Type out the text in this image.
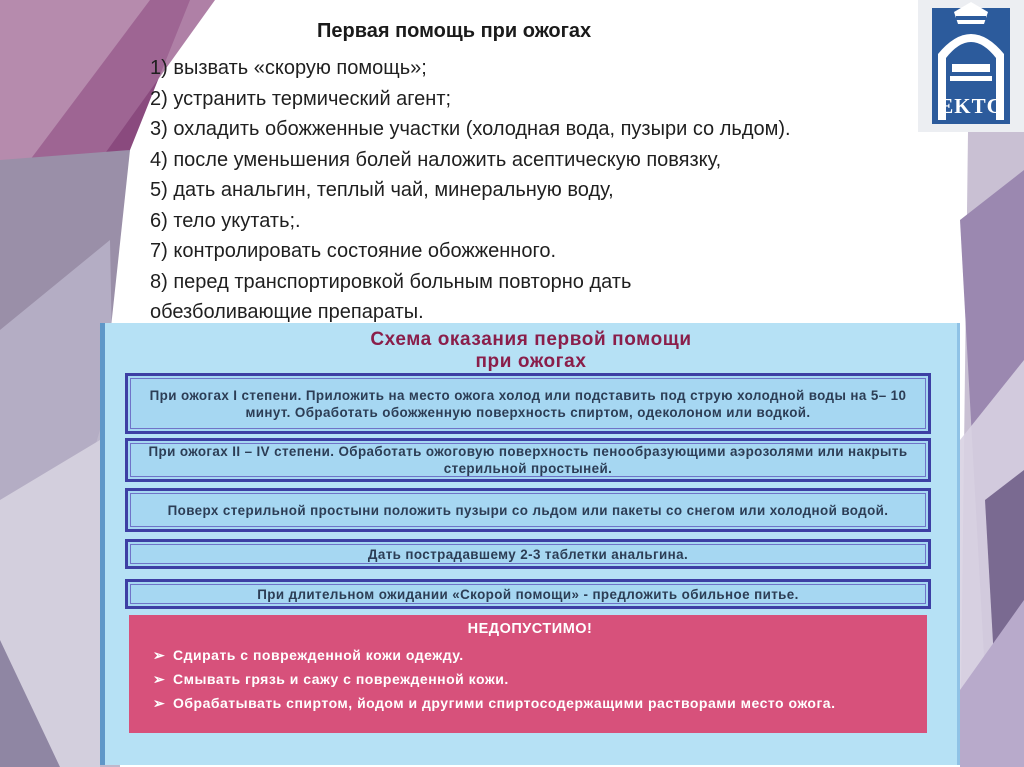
EKTC
Первая помощь при ожогах
1) вызвать «скорую помощь»;
2) устранить термический агент;
3) охладить обожженные участки (холодная вода, пузыри со льдом).
4) после уменьшения болей наложить асептическую повязку,
5) дать анальгин, теплый чай, минеральную воду,
6) тело укутать;.
7) контролировать состояние обожженного.
8) перед транспортировкой больным повторно дать
обезболивающие препараты.
Схема оказания первой помощи
при ожогах
При ожогах I степени. Приложить на место ожога холод или подставить под струю холодной воды на 5– 10 минут. Обработать обожженную поверхность спиртом, одеколоном или водкой.
При ожогах II – IV степени. Обработать ожоговую поверхность пенообразующими аэрозолями или накрыть стерильной простыней.
Поверх стерильной простыни положить пузыри со льдом или пакеты со снегом или холодной водой.
Дать пострадавшему 2-3 таблетки анальгина.
При длительном ожидании «Скорой помощи» - предложить обильное питье.
НЕДОПУСТИМО!
➢ Сдирать с поврежденной кожи одежду.
➢ Смывать грязь и сажу с поврежденной кожи.
➢ Обрабатывать спиртом, йодом и другими спиртосодержащими растворами место ожога.
